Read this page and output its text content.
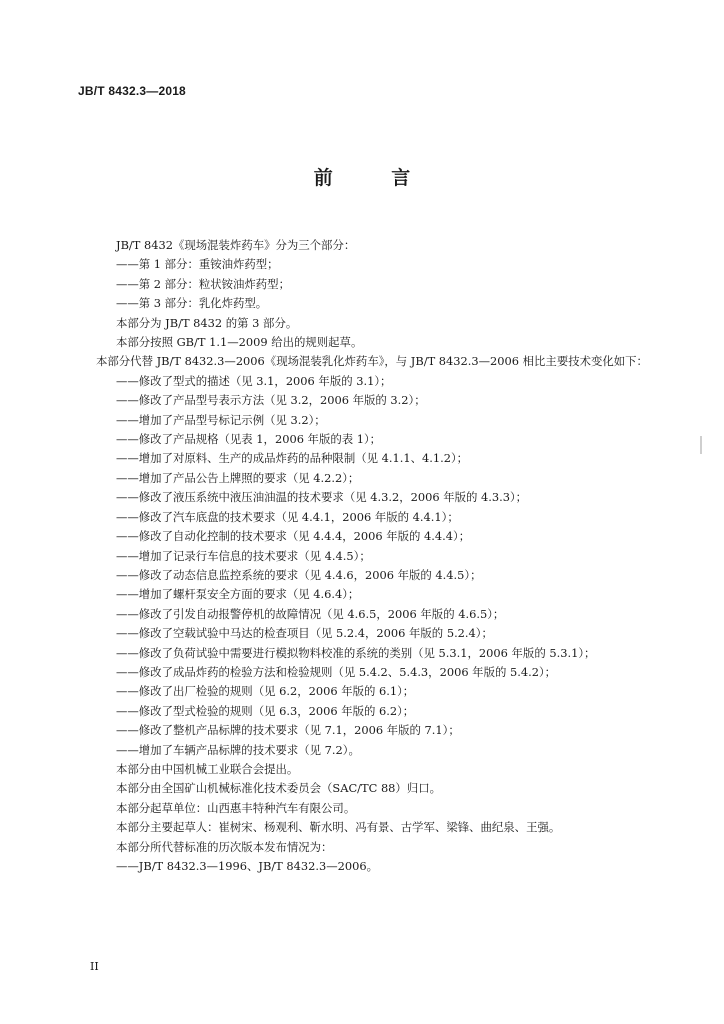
JB/T 8432.3—2018
前 言

JB/T 8432《现场混装炸药车》分为三个部分：

——第 1 部分：重铵油炸药型；

——第 2 部分：粒状铵油炸药型；

——第 3 部分：乳化炸药型。

本部分为 JB/T 8432 的第 3 部分。

本部分按照 GB/T 1.1—2009 给出的规则起草。

本部分代替 JB/T 8432.3—2006《现场混装乳化炸药车》，与 JB/T 8432.3—2006 相比主要技术变化如下：

——修改了型式的描述（见 3.1，2006 年版的 3.1）；

——修改了产品型号表示方法（见 3.2，2006 年版的 3.2）；

——增加了产品型号标记示例（见 3.2）；

——修改了产品规格（见表 1，2006 年版的表 1）；

——增加了对原料、生产的成品炸药的品种限制（见 4.1.1、4.1.2）；

——增加了产品公告上牌照的要求（见 4.2.2）；

——修改了液压系统中液压油油温的技术要求（见 4.3.2，2006 年版的 4.3.3）；

——修改了汽车底盘的技术要求（见 4.4.1，2006 年版的 4.4.1）；

——修改了自动化控制的技术要求（见 4.4.4，2006 年版的 4.4.4）；

——增加了记录行车信息的技术要求（见 4.4.5）；

——修改了动态信息监控系统的要求（见 4.4.6，2006 年版的 4.4.5）；

——增加了螺杆泵安全方面的要求（见 4.6.4）；

——修改了引发自动报警停机的故障情况（见 4.6.5，2006 年版的 4.6.5）；

——修改了空载试验中马达的检查项目（见 5.2.4，2006 年版的 5.2.4）；

——修改了负荷试验中需要进行模拟物料校准的系统的类别（见 5.3.1，2006 年版的 5.3.1）；

——修改了成品炸药的检验方法和检验规则（见 5.4.2、5.4.3，2006 年版的 5.4.2）；

——修改了出厂检验的规则（见 6.2，2006 年版的 6.1）；

——修改了型式检验的规则（见 6.3，2006 年版的 6.2）；

——修改了整机产品标牌的技术要求（见 7.1，2006 年版的 7.1）；

——增加了车辆产品标牌的技术要求（见 7.2）。

本部分由中国机械工业联合会提出。

本部分由全国矿山机械标准化技术委员会（SAC/TC 88）归口。

本部分起草单位：山西惠丰特种汽车有限公司。

本部分主要起草人：崔树宋、杨观利、靳水明、冯有景、古学军、梁锋、曲纪泉、王强。

本部分所代替标准的历次版本发布情况为：

——JB/T 8432.3—1996、JB/T 8432.3—2006。

II
